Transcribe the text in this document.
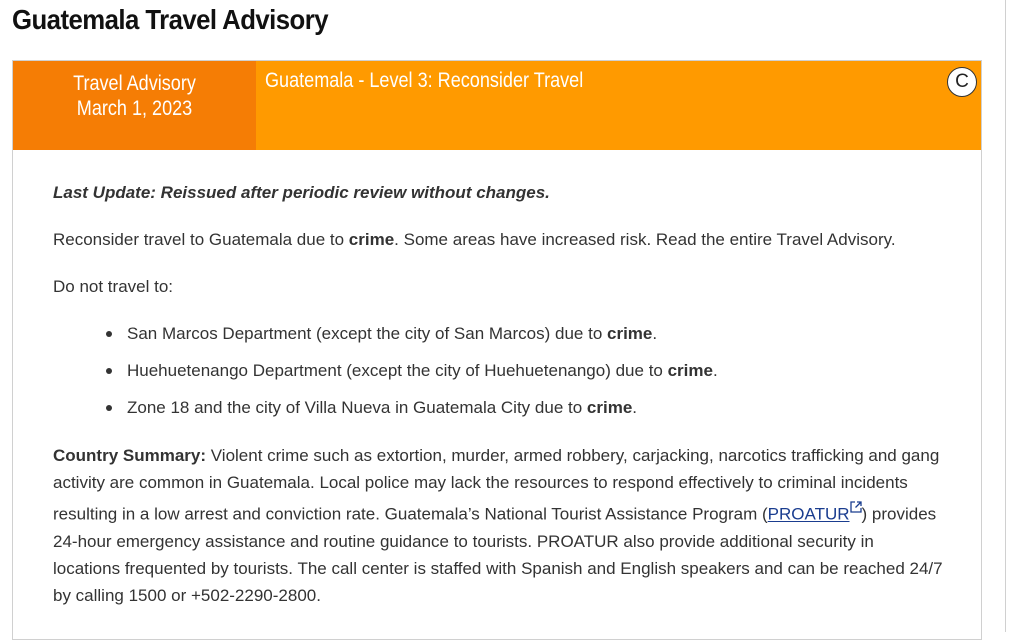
Guatemala Travel Advisory
Travel Advisory
March 1, 2023
Guatemala - Level 3: Reconsider Travel	C

Last Update: Reissued after periodic review without changes.

Reconsider travel to Guatemala due to crime. Some areas have increased risk. Read the entire Travel Advisory.

Do not travel to:

San Marcos Department (except the city of San Marcos) due to crime.
Huehuetenango Department (except the city of Huehuetenango) due to crime.
Zone 18 and the city of Villa Nueva in Guatemala City due to crime.

Country Summary: Violent crime such as extortion, murder, armed robbery, carjacking, narcotics trafficking and gang activity are common in Guatemala. Local police may lack the resources to respond effectively to criminal incidents resulting in a low arrest and conviction rate. Guatemala’s National Tourist Assistance Program (PROATUR ) provides 24-hour emergency assistance and routine guidance to tourists. PROATUR also provide additional security in locations frequented by tourists. The call center is staffed with Spanish and English speakers and can be reached 24/7 by calling 1500 or +502-2290-2800.
